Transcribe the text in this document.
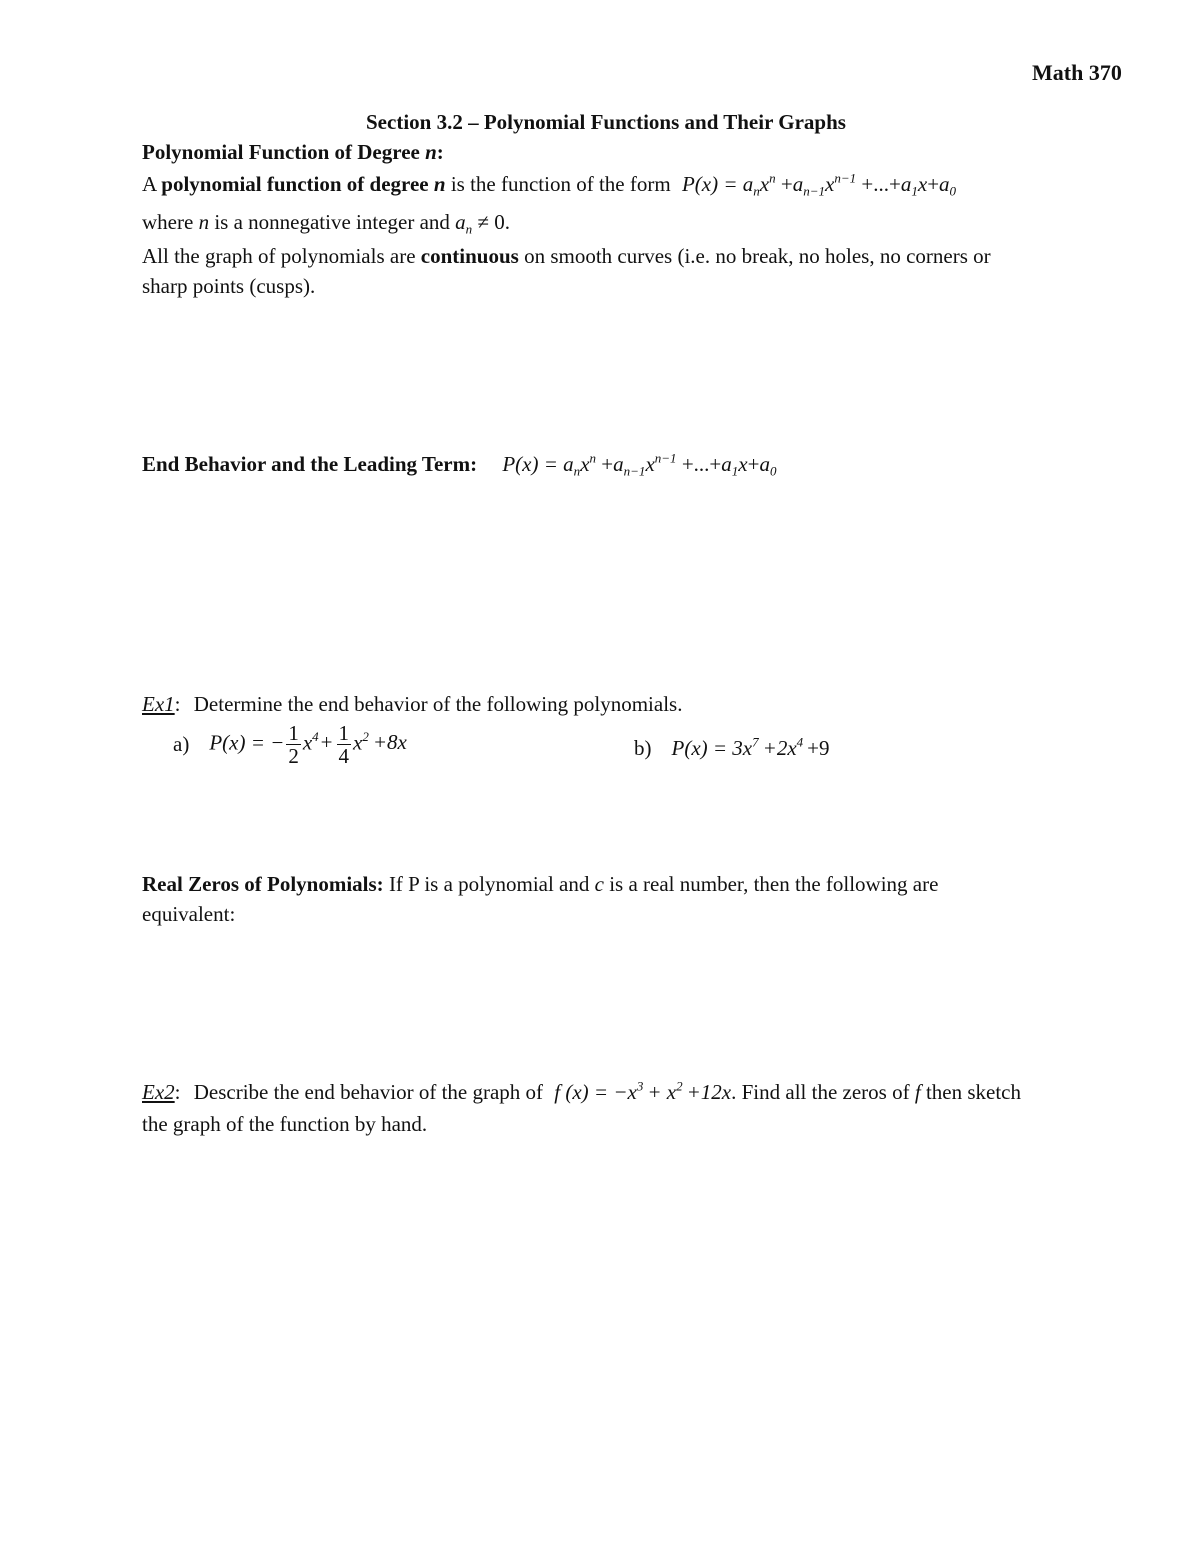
Math 370
Section 3.2 – Polynomial Functions and Their Graphs
Polynomial Function of Degree n:
A polynomial function of degree n is the function of the form $P(x) = a_nx^n +a_{n-1}x^{n-1} +...+a_1x+a_0$
where n is a nonnegative integer and $a_n \ne 0$.
All the graph of polynomials are continuous on smooth curves (i.e. no break, no holes, no corners or
sharp points (cusps).
End Behavior and the Leading Term: $P(x) = a_nx^n +a_{n-1}x^{n-1} +...+a_1x+a_0$
Ex1: Determine the end behavior of the following polynomials.
a) P(x) = − $\frac{1}{2} x^4+ \frac{1}{4} x^2 +8x$	b) $P(x) = 3x^7 +2x^4 +9$
Real Zeros of Polynomials: If P is a polynomial and c is a real number, then the following are
equivalent:
Ex2: Describe the end behavior of the graph of f $(x) = -x^3 + x^2 +12x$. Find all the zeros of f then sketch
the graph of the function by hand.
